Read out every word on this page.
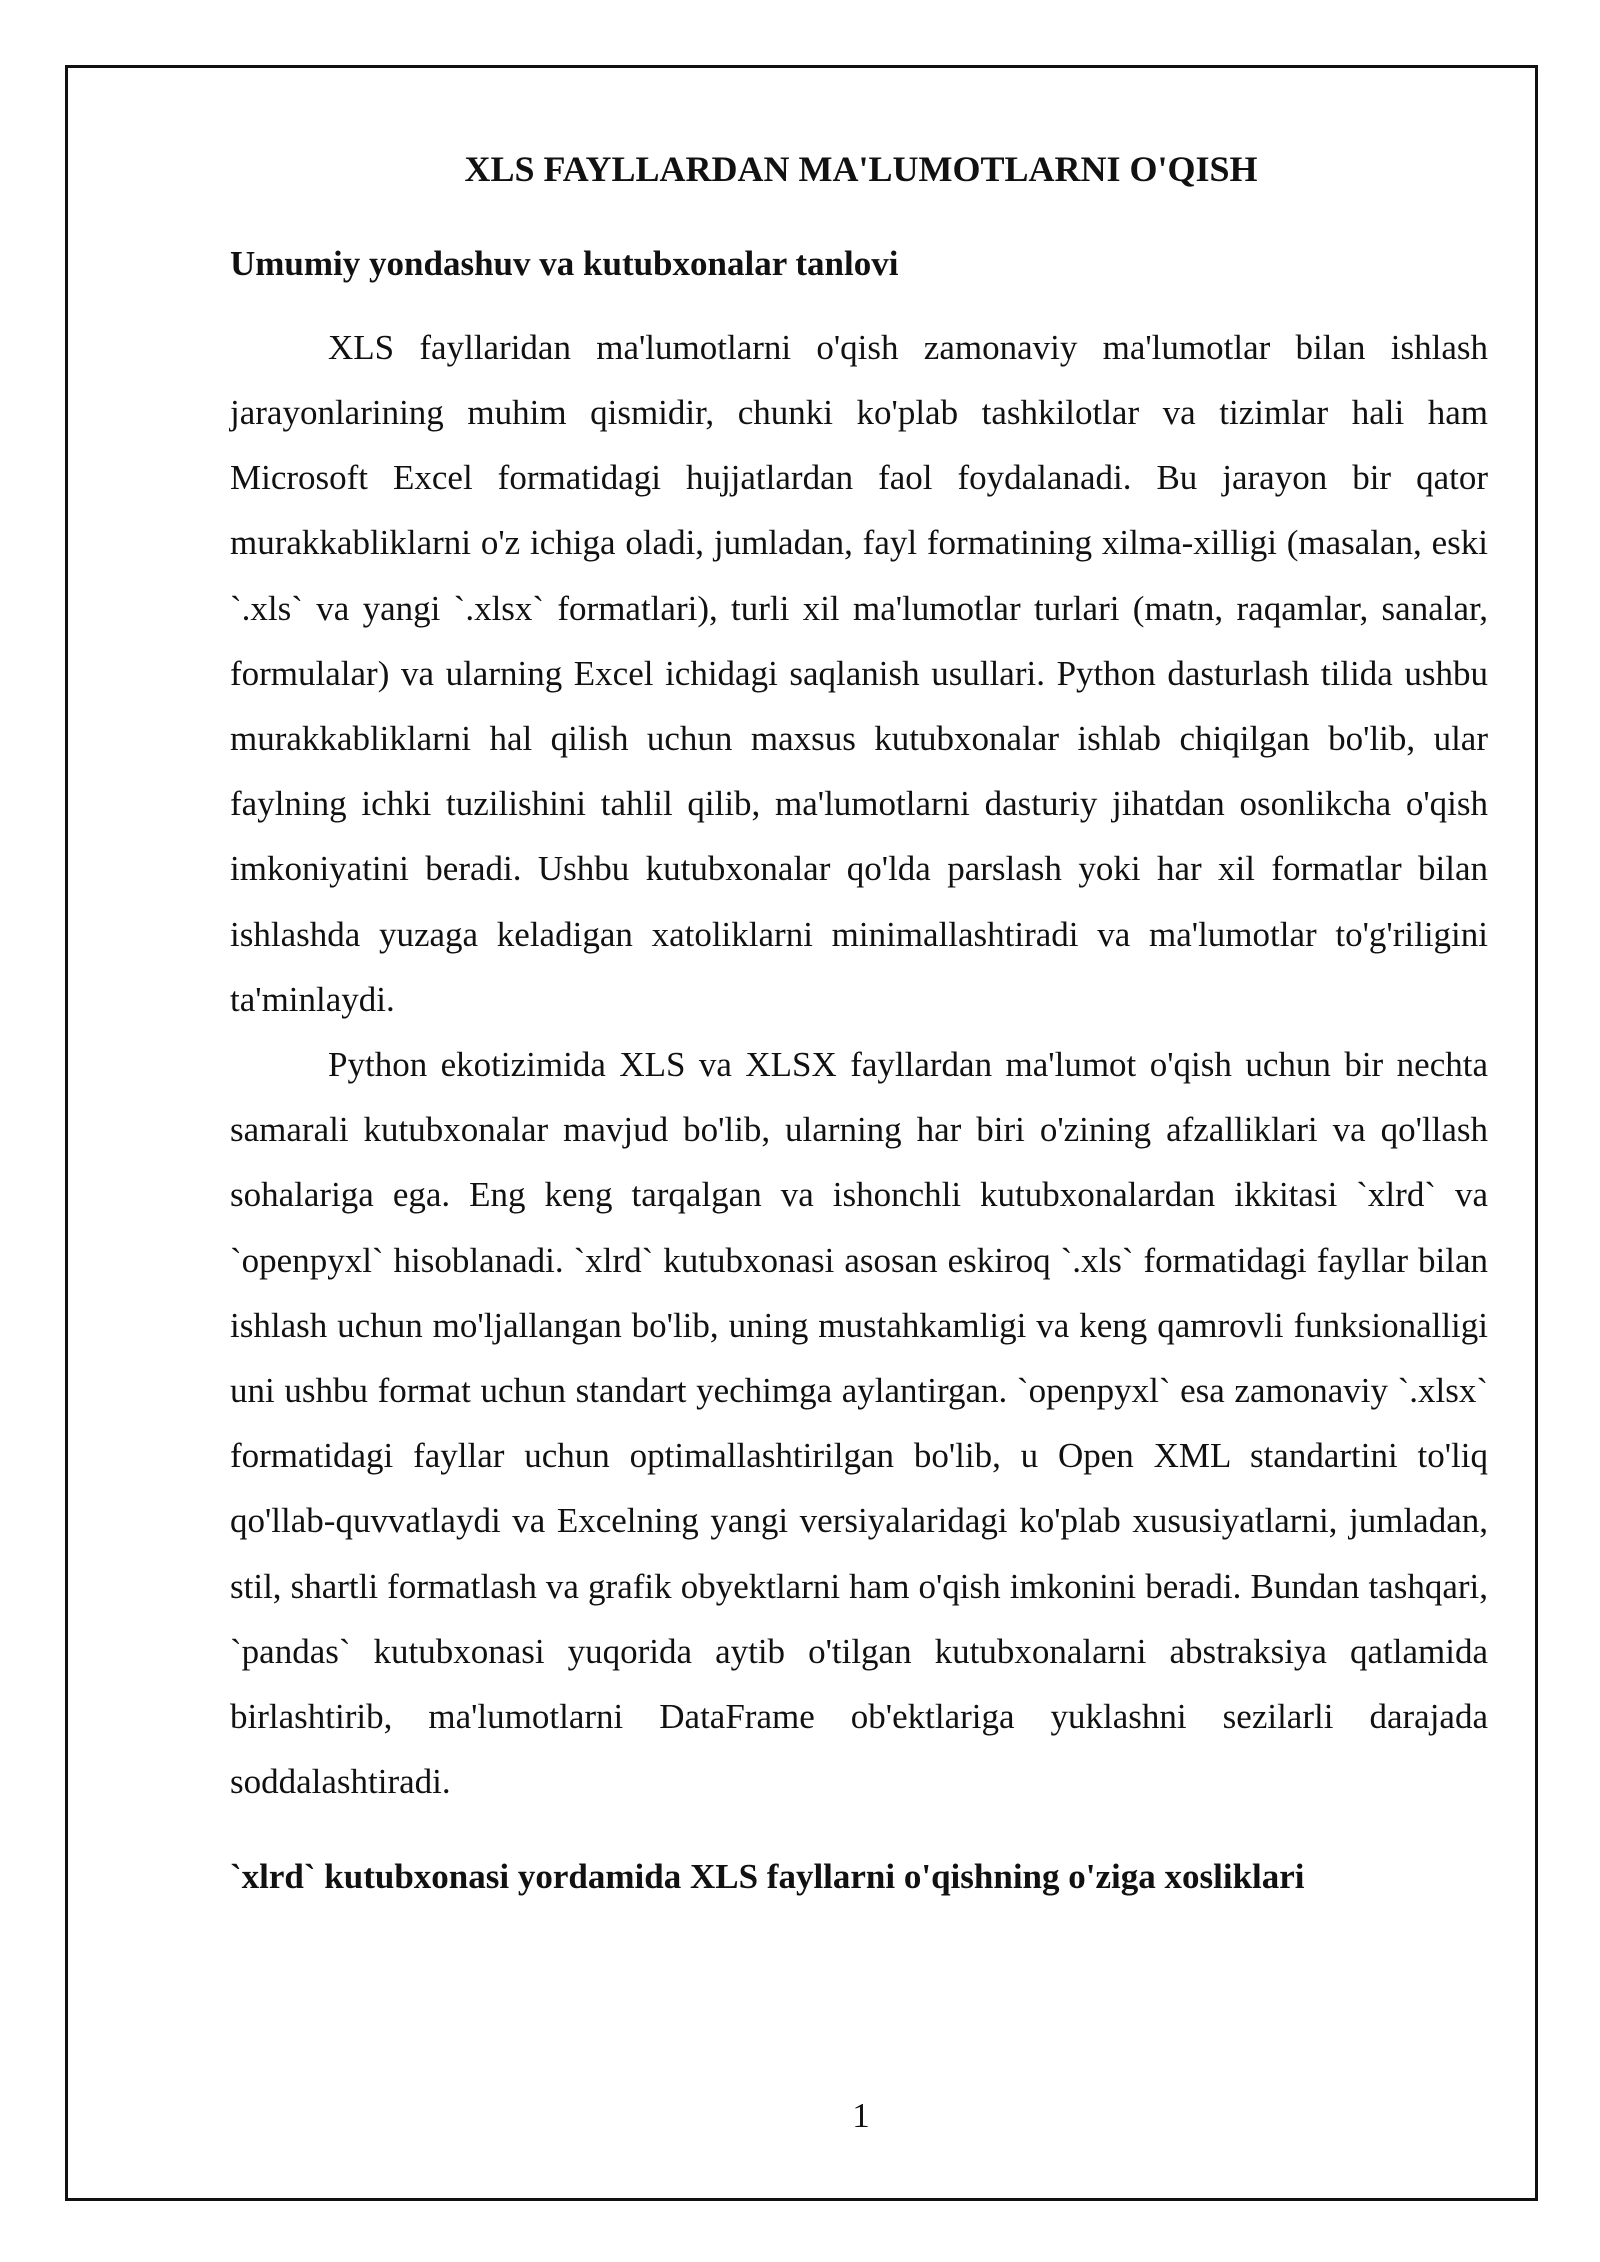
XLS FAYLLARDAN MA'LUMOTLARNI O'QISH
Umumiy yondashuv va kutubxonalar tanlovi

XLS fayllaridan ma'lumotlarni o'qish zamonaviy ma'lumotlar bilan ishlash jarayonlarining muhim qismidir, chunki ko'plab tashkilotlar va tizimlar hali ham Microsoft Excel formatidagi hujjatlardan faol foydalanadi. Bu jarayon bir qator murakkabliklarni o'z ichiga oladi, jumladan, fayl formatining xilma-xilligi (masalan, eski `.xls` va yangi `.xlsx` formatlari), turli xil ma'lumotlar turlari (matn, raqamlar, sanalar, formulalar) va ularning Excel ichidagi saqlanish usullari. Python dasturlash tilida ushbu murakkabliklarni hal qilish uchun maxsus kutubxonalar ishlab chiqilgan bo'lib, ular faylning ichki tuzilishini tahlil qilib, ma'lumotlarni dasturiy jihatdan osonlikcha o'qish imkoniyatini beradi. Ushbu kutubxonalar qo'lda parslash yoki har xil formatlar bilan ishlashda yuzaga keladigan xatoliklarni minimallashtiradi va ma'lumotlar to'g'riligini ta'minlaydi.

Python ekotizimida XLS va XLSX fayllardan ma'lumot o'qish uchun bir nechta samarali kutubxonalar mavjud bo'lib, ularning har biri o'zining afzalliklari va qo'llash sohalariga ega. Eng keng tarqalgan va ishonchli kutubxonalardan ikkitasi `xlrd` va `openpyxl` hisoblanadi. `xlrd` kutubxonasi asosan eskiroq `.xls` formatidagi fayllar bilan ishlash uchun mo'ljallangan bo'lib, uning mustahkamligi va keng qamrovli funksionalligi uni ushbu format uchun standart yechimga aylantirgan. `openpyxl` esa zamonaviy `.xlsx` formatidagi fayllar uchun optimallashtirilgan bo'lib, u Open XML standartini to'liq qo'llab-quvvatlaydi va Excelning yangi versiyalaridagi ko'plab xususiyatlarni, jumladan, stil, shartli formatlash va grafik obyektlarni ham o'qish imkonini beradi. Bundan tashqari, `pandas` kutubxonasi yuqorida aytib o'tilgan kutubxonalarni abstraksiya qatlamida birlashtirib, ma'lumotlarni DataFrame ob'ektlariga yuklashni sezilarli darajada soddalashtiradi.

`xlrd` kutubxonasi yordamida XLS fayllarni o'qishning o'ziga xosliklari
1
